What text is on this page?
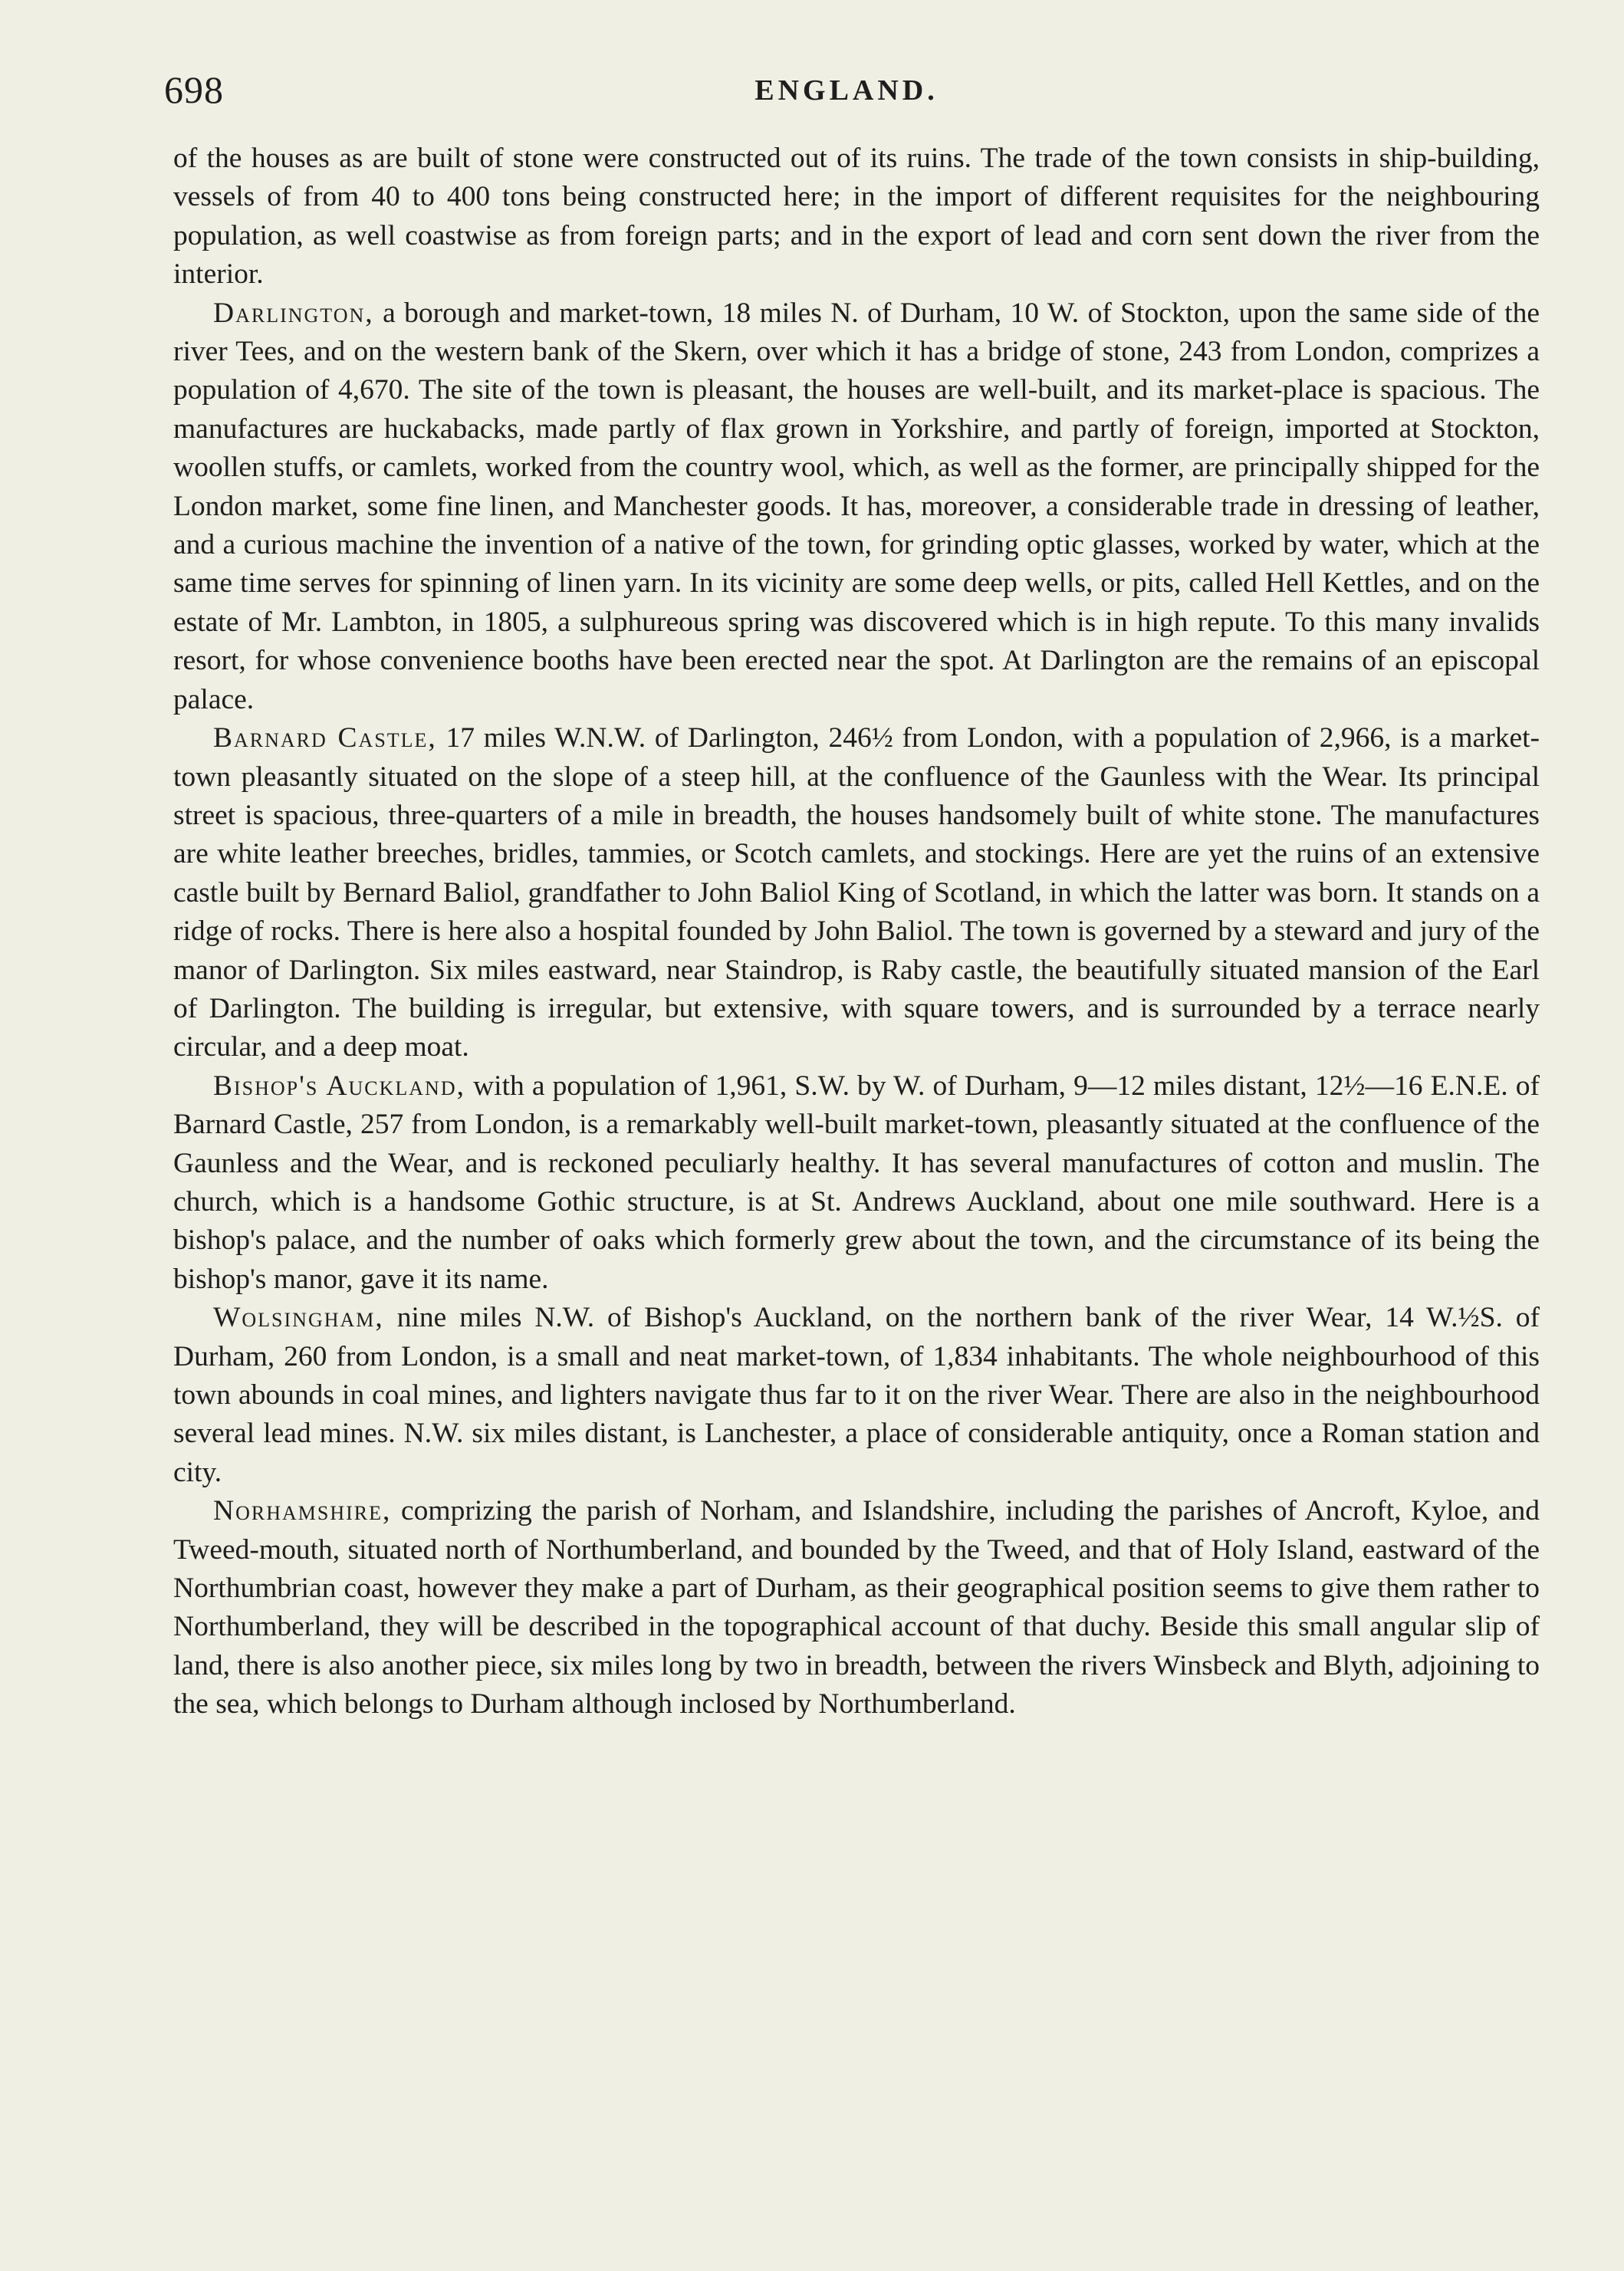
698	ENGLAND.

of the houses as are built of stone were constructed out of its ruins. The trade of the town consists in ship-building, vessels of from 40 to 400 tons being constructed here; in the import of different requisites for the neighbouring population, as well coastwise as from foreign parts; and in the export of lead and corn sent down the river from the interior.

Darlington, a borough and market-town, 18 miles N. of Durham, 10 W. of Stockton, upon the same side of the river Tees, and on the western bank of the Skern, over which it has a bridge of stone, 243 from London, comprizes a population of 4,670. The site of the town is pleasant, the houses are well-built, and its market-place is spacious. The manufactures are huckabacks, made partly of flax grown in Yorkshire, and partly of foreign, imported at Stockton, woollen stuffs, or camlets, worked from the country wool, which, as well as the former, are principally shipped for the London market, some fine linen, and Manchester goods. It has, moreover, a considerable trade in dressing of leather, and a curious machine the invention of a native of the town, for grinding optic glasses, worked by water, which at the same time serves for spinning of linen yarn. In its vicinity are some deep wells, or pits, called Hell Kettles, and on the estate of Mr. Lambton, in 1805, a sulphureous spring was discovered which is in high repute. To this many invalids resort, for whose convenience booths have been erected near the spot. At Darlington are the remains of an episcopal palace.

Barnard Castle, 17 miles W.N.W. of Darlington, 246½ from London, with a population of 2,966, is a market-town pleasantly situated on the slope of a steep hill, at the confluence of the Gaunless with the Wear. Its principal street is spacious, three-quarters of a mile in breadth, the houses handsomely built of white stone. The manufactures are white leather breeches, bridles, tammies, or Scotch camlets, and stockings. Here are yet the ruins of an extensive castle built by Bernard Baliol, grandfather to John Baliol King of Scotland, in which the latter was born. It stands on a ridge of rocks. There is here also a hospital founded by John Baliol. The town is governed by a steward and jury of the manor of Darlington. Six miles eastward, near Staindrop, is Raby castle, the beautifully situated mansion of the Earl of Darlington. The building is irregular, but extensive, with square towers, and is surrounded by a terrace nearly circular, and a deep moat.

Bishop's Auckland, with a population of 1,961, S.W. by W. of Durham, 9—12 miles distant, 12½—16 E.N.E. of Barnard Castle, 257 from London, is a remarkably well-built market-town, pleasantly situated at the confluence of the Gaunless and the Wear, and is reckoned peculiarly healthy. It has several manufactures of cotton and muslin. The church, which is a handsome Gothic structure, is at St. Andrews Auckland, about one mile southward. Here is a bishop's palace, and the number of oaks which formerly grew about the town, and the circumstance of its being the bishop's manor, gave it its name.

Wolsingham, nine miles N.W. of Bishop's Auckland, on the northern bank of the river Wear, 14 W.½S. of Durham, 260 from London, is a small and neat market-town, of 1,834 inhabitants. The whole neighbourhood of this town abounds in coal mines, and lighters navigate thus far to it on the river Wear. There are also in the neighbourhood several lead mines. N.W. six miles distant, is Lanchester, a place of considerable antiquity, once a Roman station and city.

Norhamshire, comprizing the parish of Norham, and Islandshire, including the parishes of Ancroft, Kyloe, and Tweed-mouth, situated north of Northumberland, and bounded by the Tweed, and that of Holy Island, eastward of the Northumbrian coast, however they make a part of Durham, as their geographical position seems to give them rather to Northumberland, they will be described in the topographical account of that duchy. Beside this small angular slip of land, there is also another piece, six miles long by two in breadth, between the rivers Winsbeck and Blyth, adjoining to the sea, which belongs to Durham although inclosed by Northumberland.
